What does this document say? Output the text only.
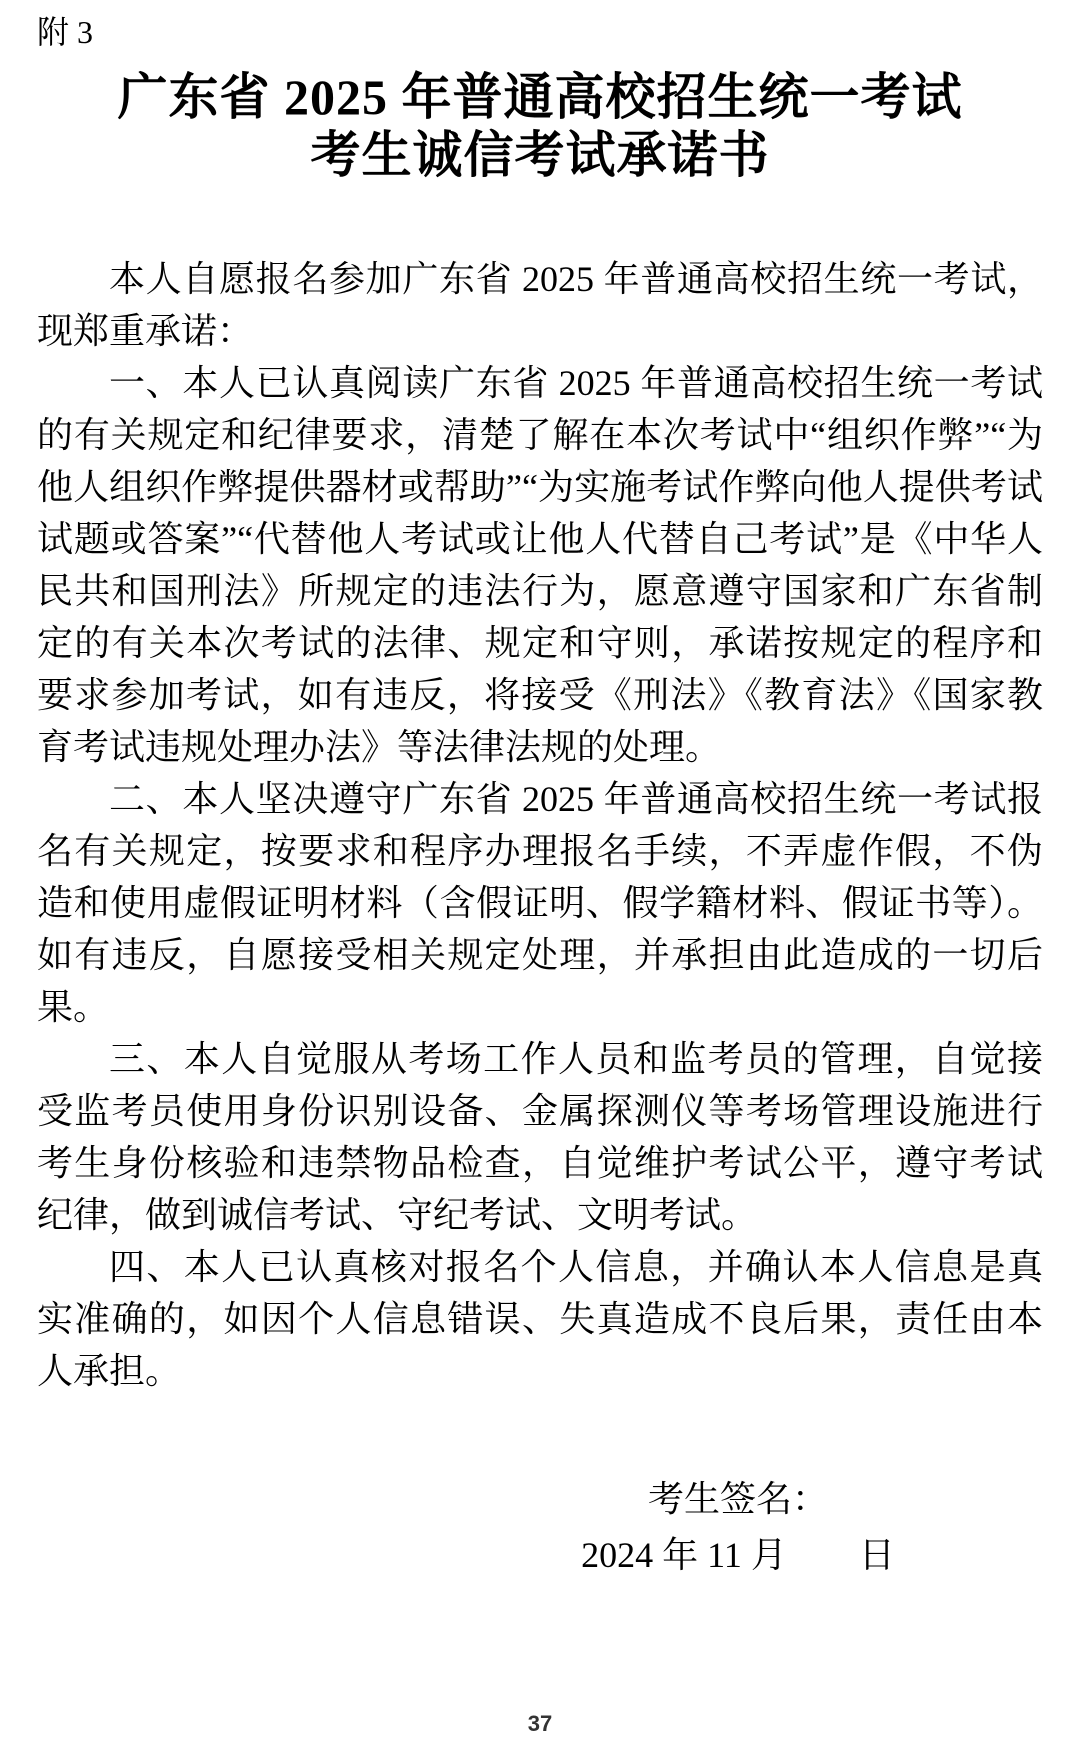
附 3
广东省 2025 年普通高校招生统一考试
考生诚信考试承诺书

本人自愿报名参加广东省 2025 年普通高校招生统一考试，现郑重承诺：

一、本人已认真阅读广东省 2025 年普通高校招生统一考试的有关规定和纪律要求，清楚了解在本次考试中“组织作弊”“为他人组织作弊提供器材或帮助”“为实施考试作弊向他人提供考试试题或答案”“代替他人考试或让他人代替自己考试”是《中华人民共和国刑法》所规定的违法行为，愿意遵守国家和广东省制定的有关本次考试的法律、规定和守则，承诺按规定的程序和要求参加考试，如有违反，将接受《刑法》《教育法》《国家教育考试违规处理办法》等法律法规的处理。

二、本人坚决遵守广东省 2025 年普通高校招生统一考试报名有关规定，按要求和程序办理报名手续，不弄虚作假，不伪造和使用虚假证明材料（含假证明、假学籍材料、假证书等）。如有违反，自愿接受相关规定处理，并承担由此造成的一切后果。

三、本人自觉服从考场工作人员和监考员的管理，自觉接受监考员使用身份识别设备、金属探测仪等考场管理设施进行考生身份核验和违禁物品检查，自觉维护考试公平，遵守考试纪律，做到诚信考试、守纪考试、文明考试。

四、本人已认真核对报名个人信息，并确认本人信息是真实准确的，如因个人信息错误、失真造成不良后果，责任由本人承担。

考生签名：
2024 年 11 月　　日
37
